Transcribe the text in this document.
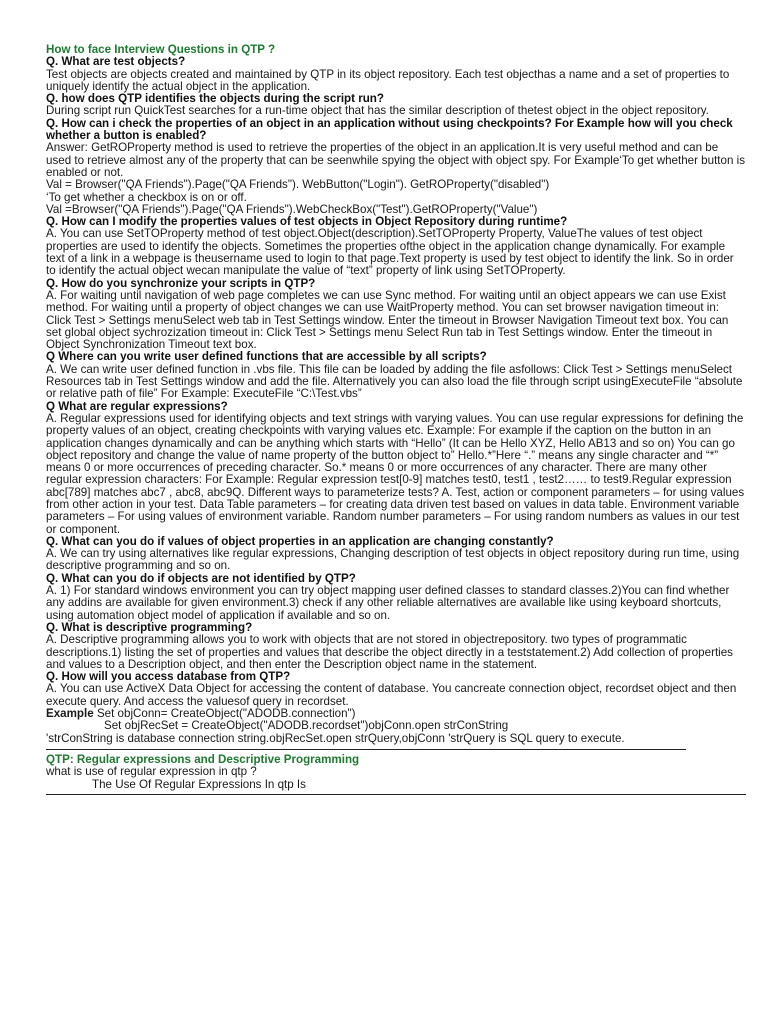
How to face Interview Questions in QTP ?
Q. What are test objects?
Test objects are objects created and maintained by QTP in its object repository. Each test objecthas a name and a set of properties to uniquely identify the actual object in the application.
Q. how does QTP identifies the objects during the script run?
During script run QuickTest searches for a run-time object that has the similar description of thetest object in the object repository.
Q. How can i check the properties of an object in an application without using checkpoints? For Example how will you check whether a button is enabled?
Answer: GetROProperty method is used to retrieve the properties of the object in an application.It is very useful method and can be used to retrieve almost any of the property that can be seenwhile spying the object with object spy. For Example‘To get whether button is enabled or not.
Val = Browser("QA Friends").Page("QA Friends"). WebButton("Login"). GetROProperty("disabled")
‘To get whether a checkbox is on or off.
Val =Browser("QA Friends").Page("QA Friends").WebCheckBox("Test").GetROProperty("Value")
Q. How can I modify the properties values of test objects in Object Repository during runtime?
A. You can use SetTOProperty method of test object.Object(description).SetTOProperty Property, ValueThe values of test object properties are used to identify the objects. Sometimes the properties ofthe object in the application change dynamically. For example text of a link in a webpage is theusername used to login to that page.Text property is used by test object to identify the link. So in order to identify the actual object wecan manipulate the value of “text” property of link using SetTOProperty.
Q. How do you synchronize your scripts in QTP?
A. For waiting until navigation of web page completes we can use Sync method. For waiting until an object appears we can use Exist method. For waiting until a property of object changes we can use WaitProperty method. You can set browser navigation timeout in: Click Test > Settings menuSelect web tab in Test Settings window. Enter the timeout in Browser Navigation Timeout text box. You can set global object sychrozization timeout in: Click Test > Settings menu Select Run tab in Test Settings window. Enter the timeout in Object Synchronization Timeout text box.
Q Where can you write user defined functions that are accessible by all scripts?
A. We can write user defined function in .vbs file. This file can be loaded by adding the file asfollows: Click Test > Settings menuSelect Resources tab in Test Settings window and add the file. Alternatively you can also load the file through script usingExecuteFile “absolute or relative path of file” For Example: ExecuteFile “C:\Test.vbs”
Q What are regular expressions?
A. Regular expressions used for identifying objects and text strings with varying values. You can use regular expressions for defining the property values of an object, creating checkpoints with varying values etc. Example: For example if the caption on the button in an application changes dynamically and can be anything which starts with “Hello” (It can be Hello XYZ, Hello AB13 and so on) You can go object repository and change the value of name property of the button object to” Hello.*”Here “.” means any single character and “*” means 0 or more occurrences of preceding character. So.* means 0 or more occurrences of any character. There are many other regular expression characters: For Example: Regular expression test[0-9] matches test0, test1 , test2…… to test9.Regular expression abc[789] matches abc7 , abc8, abc9Q. Different ways to parameterize tests? A. Test, action or component parameters – for using values from other action in your test. Data Table parameters – for creating data driven test based on values in data table. Environment variable parameters – For using values of environment variable. Random number parameters – For using random numbers as values in our test or component.
Q. What can you do if values of object properties in an application are changing constantly?
A. We can try using alternatives like regular expressions, Changing description of test objects in object repository during run time, using descriptive programming and so on.
Q. What can you do if objects are not identified by QTP?
A. 1) For standard windows environment you can try object mapping user defined classes to standard classes.2)You can find whether any addins are available for given environment.3) check if any other reliable alternatives are available like using keyboard shortcuts, using automation object model of application if available and so on.
Q. What is descriptive programming?
A. Descriptive programming allows you to work with objects that are not stored in objectrepository. two types of programmatic descriptions.1) listing the set of properties and values that describe the object directly in a teststatement.2) Add collection of properties and values to a Description object, and then enter the Description object name in the statement.
Q. How will you access database from QTP?
A. You can use ActiveX Data Object for accessing the content of database. You cancreate connection object, recordset object and then execute query. And access the valuesof query in recordset.
Example Set objConn= CreateObject("ADODB.connection")
Set objRecSet = CreateObject("ADODB.recordset")objConn.open strConString
'strConString is database connection string.objRecSet.open strQuery,objConn 'strQuery is SQL query to execute.
QTP: Regular expressions and Descriptive Programming
what is use of regular expression in qtp ?
The Use Of Regular Expressions In qtp Is
